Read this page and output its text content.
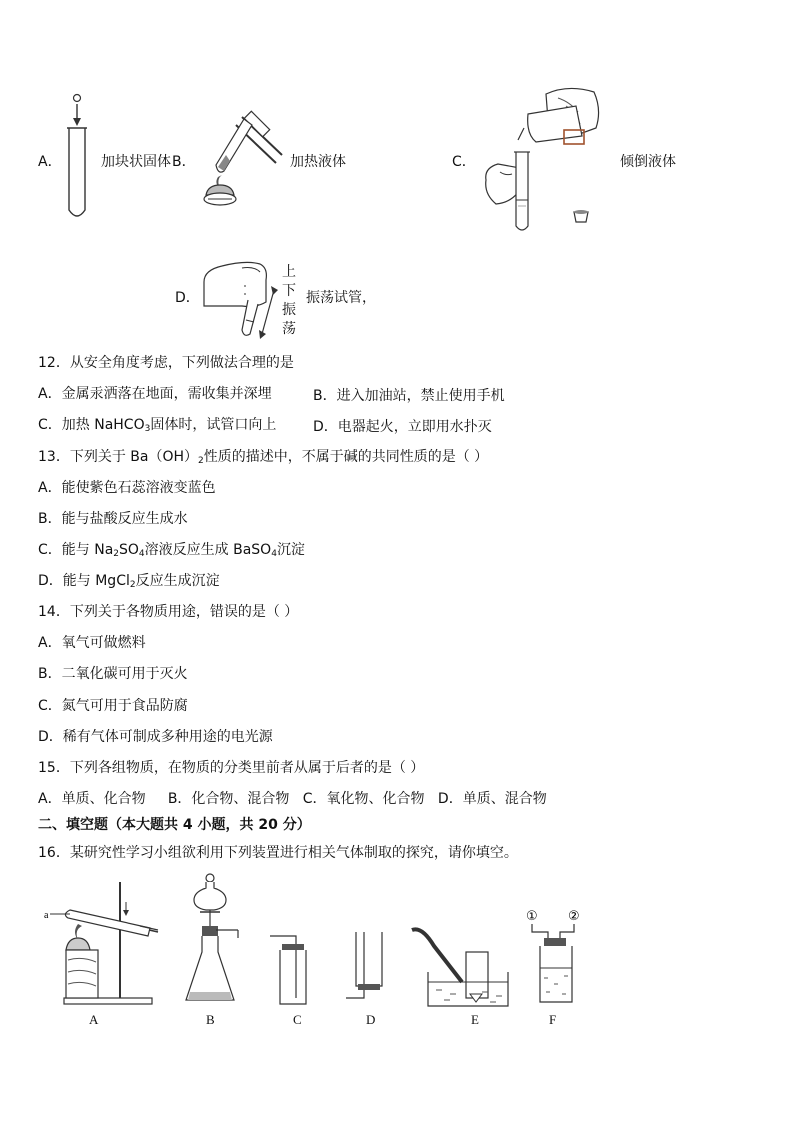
A．	加块状固体 B．	加热液体	C．	倾倒液体
D．
上
下
振
荡
振荡试管，
12．从安全角度考虑，下列做法合理的是
A．金属汞洒落在地面，需收集并深埋	B．进入加油站，禁止使用手机
C．加热 NaHCO$_3$固体时，试管口向上	D．电器起火，立即用水扑灭
13．下列关于 $Ba(OH)_2$性质的描述中，不属于碱的共同性质的是（ ）
A．能使紫色石蕊溶液变蓝色
B．能与盐酸反应生成水
C．能与 $Na_2SO_4$溶液反应生成 BaSO$_4$沉淀
D．能与 MgCl$_2$反应生成沉淀
14．下列关于各物质用途，错误的是（ ）
A．氧气可做燃料
B．二氧化碳可用于灭火
C．氮气可用于食品防腐
D．稀有气体可制成多种用途的电光源
15．下列各组物质，在物质的分类里前者从属于后者的是（ ）
A．单质、化合物     B．化合物、混合物   C．氧化物、化合物   D．单质、混合物
二、填空题（本大题共 4 小题，共 20 分）
16．某研究性学习小组欲利用下列装置进行相关气体制取的探究，请你填空。
a	① ②
A	B	C	D	E	F
